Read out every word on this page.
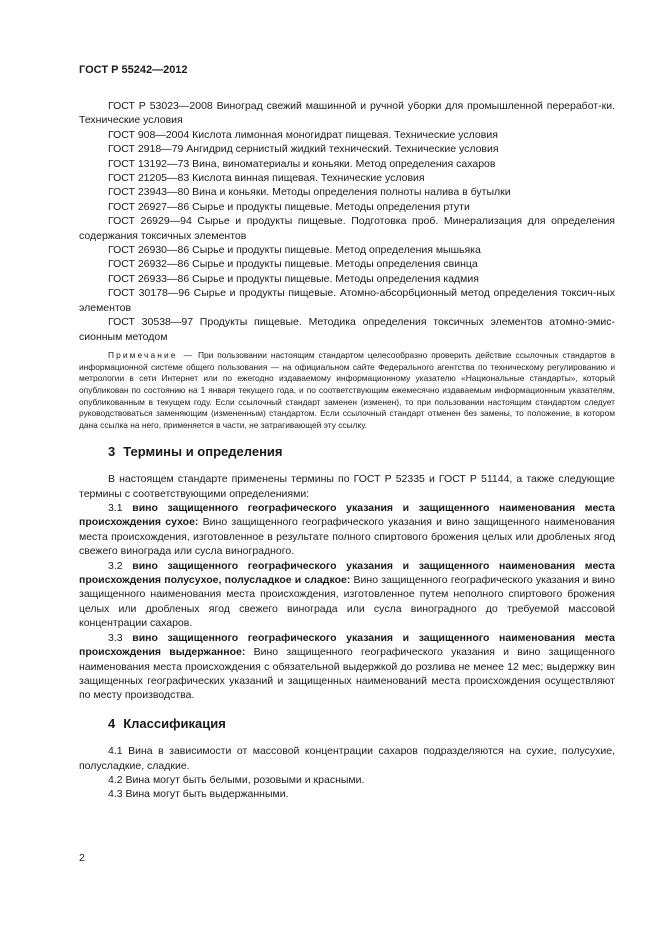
ГОСТ Р 55242—2012
ГОСТ Р 53023—2008 Виноград свежий машинной и ручной уборки для промышленной переработ-ки. Технические условия
ГОСТ 908—2004 Кислота лимонная моногидрат пищевая. Технические условия
ГОСТ 2918—79 Ангидрид сернистый жидкий технический. Технические условия
ГОСТ 13192—73 Вина, виноматериалы и коньяки. Метод определения сахаров
ГОСТ 21205—83 Кислота винная пищевая. Технические условия
ГОСТ 23943—80 Вина и коньяки. Методы определения полноты налива в бутылки
ГОСТ 26927—86 Сырье и продукты пищевые. Методы определения ртути
ГОСТ 26929—94 Сырье и продукты пищевые. Подготовка проб. Минерализация для определения содержания токсичных элементов
ГОСТ 26930—86 Сырье и продукты пищевые. Метод определения мышьяка
ГОСТ 26932—86 Сырье и продукты пищевые. Методы определения свинца
ГОСТ 26933—86 Сырье и продукты пищевые. Методы определения кадмия
ГОСТ 30178—96 Сырье и продукты пищевые. Атомно-абсорбционный метод определения токсич-ных элементов
ГОСТ 30538—97 Продукты пищевые. Методика определения токсичных элементов атомно-эмис-сионным методом
Примечание — При пользовании настоящим стандартом целесообразно проверить действие ссылочных стандартов в информационной системе общего пользования — на официальном сайте Федерального агентства по техническому регулированию и метрологии в сети Интернет или по ежегодно издаваемому информационному указателю «Национальные стандарты», который опубликован по состоянию на 1 января текущего года, и по соответствующим ежемесячно издаваемым информационным указателям, опубликованным в текущем году. Если ссылочный стандарт заменен (изменен), то при пользовании настоящим стандартом следует руководствоваться заменяющим (измененным) стандартом. Если ссылочный стандарт отменен без замены, то положение, в котором дана ссылка на него, применяется в части, не затрагивающей эту ссылку.
3 Термины и определения
В настоящем стандарте применены термины по ГОСТ Р 52335 и ГОСТ Р 51144, а также следующие термины с соответствующими определениями:
3.1 вино защищенного географического указания и защищенного наименования места происхождения сухое: Вино защищенного географического указания и вино защищенного наименования места происхождения, изготовленное в результате полного спиртового брожения целых или дробленых ягод свежего винограда или сусла виноградного.
3.2 вино защищенного географического указания и защищенного наименования места происхождения полусухое, полусладкое и сладкое: Вино защищенного географического указания и вино защищенного наименования места происхождения, изготовленное путем неполного спиртового брожения целых или дробленых ягод свежего винограда или сусла виноградного до требуемой массовой концентрации сахаров.
3.3 вино защищенного географического указания и защищенного наименования места происхождения выдержанное: Вино защищенного географического указания и вино защищенного наименования места происхождения с обязательной выдержкой до розлива не менее 12 мес; выдержку вин защищенных географических указаний и защищенных наименований места происхождения осуществляют по месту производства.
4 Классификация
4.1 Вина в зависимости от массовой концентрации сахаров подразделяются на сухие, полусухие, полусладкие, сладкие.
4.2 Вина могут быть белыми, розовыми и красными.
4.3 Вина могут быть выдержанными.
2
